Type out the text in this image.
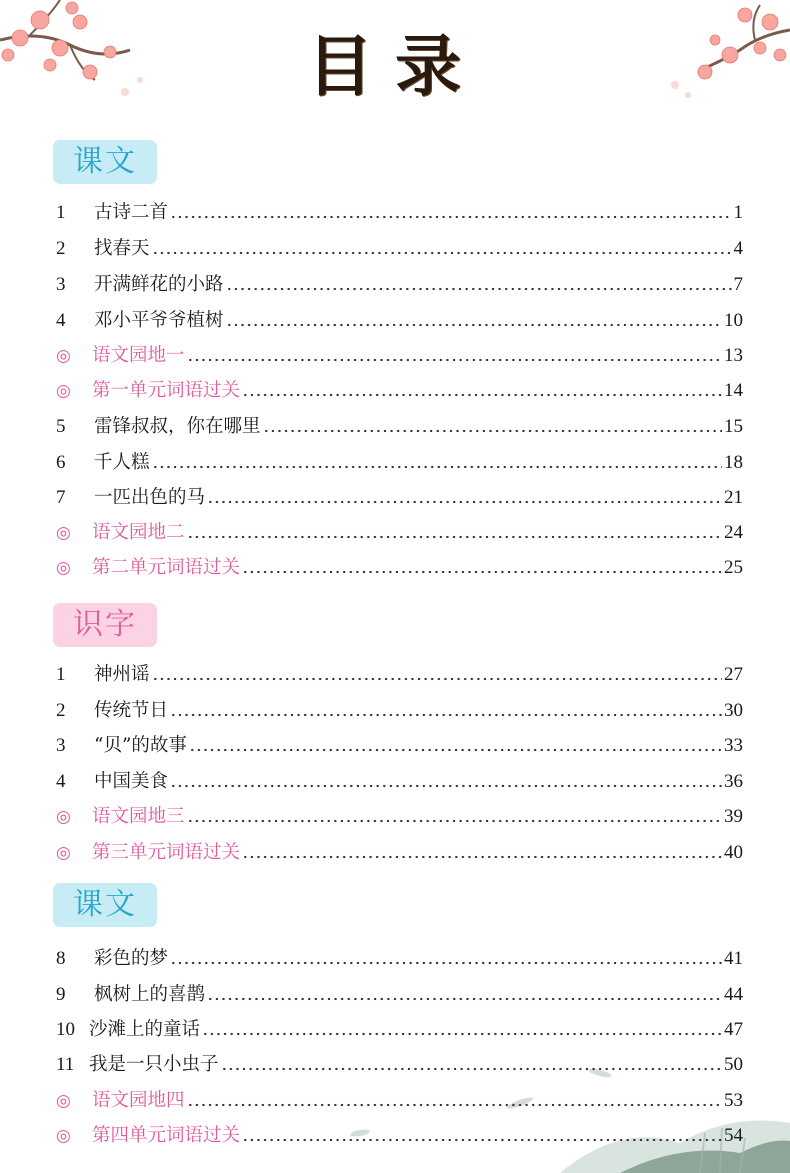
目录
课文
1	古诗二首	1
2	找春天	4
3	开满鲜花的小路	7
4	邓小平爷爷植树	10
◎	语文园地一	13
◎	第一单元词语过关	14
5	雷锋叔叔，你在哪里	15
6	千人糕	18
7	一匹出色的马	21
◎	语文园地二	24
◎	第二单元词语过关	25
识字
1	神州谣	27
2	传统节日	30
3	“贝”的故事	33
4	中国美食	36
◎	语文园地三	39
◎	第三单元词语过关	40
课文
8	彩色的梦	41
9	枫树上的喜鹊	44
10 沙滩上的童话	47
11 我是一只小虫子	50
◎	语文园地四	53
◎	第四单元词语过关	54
